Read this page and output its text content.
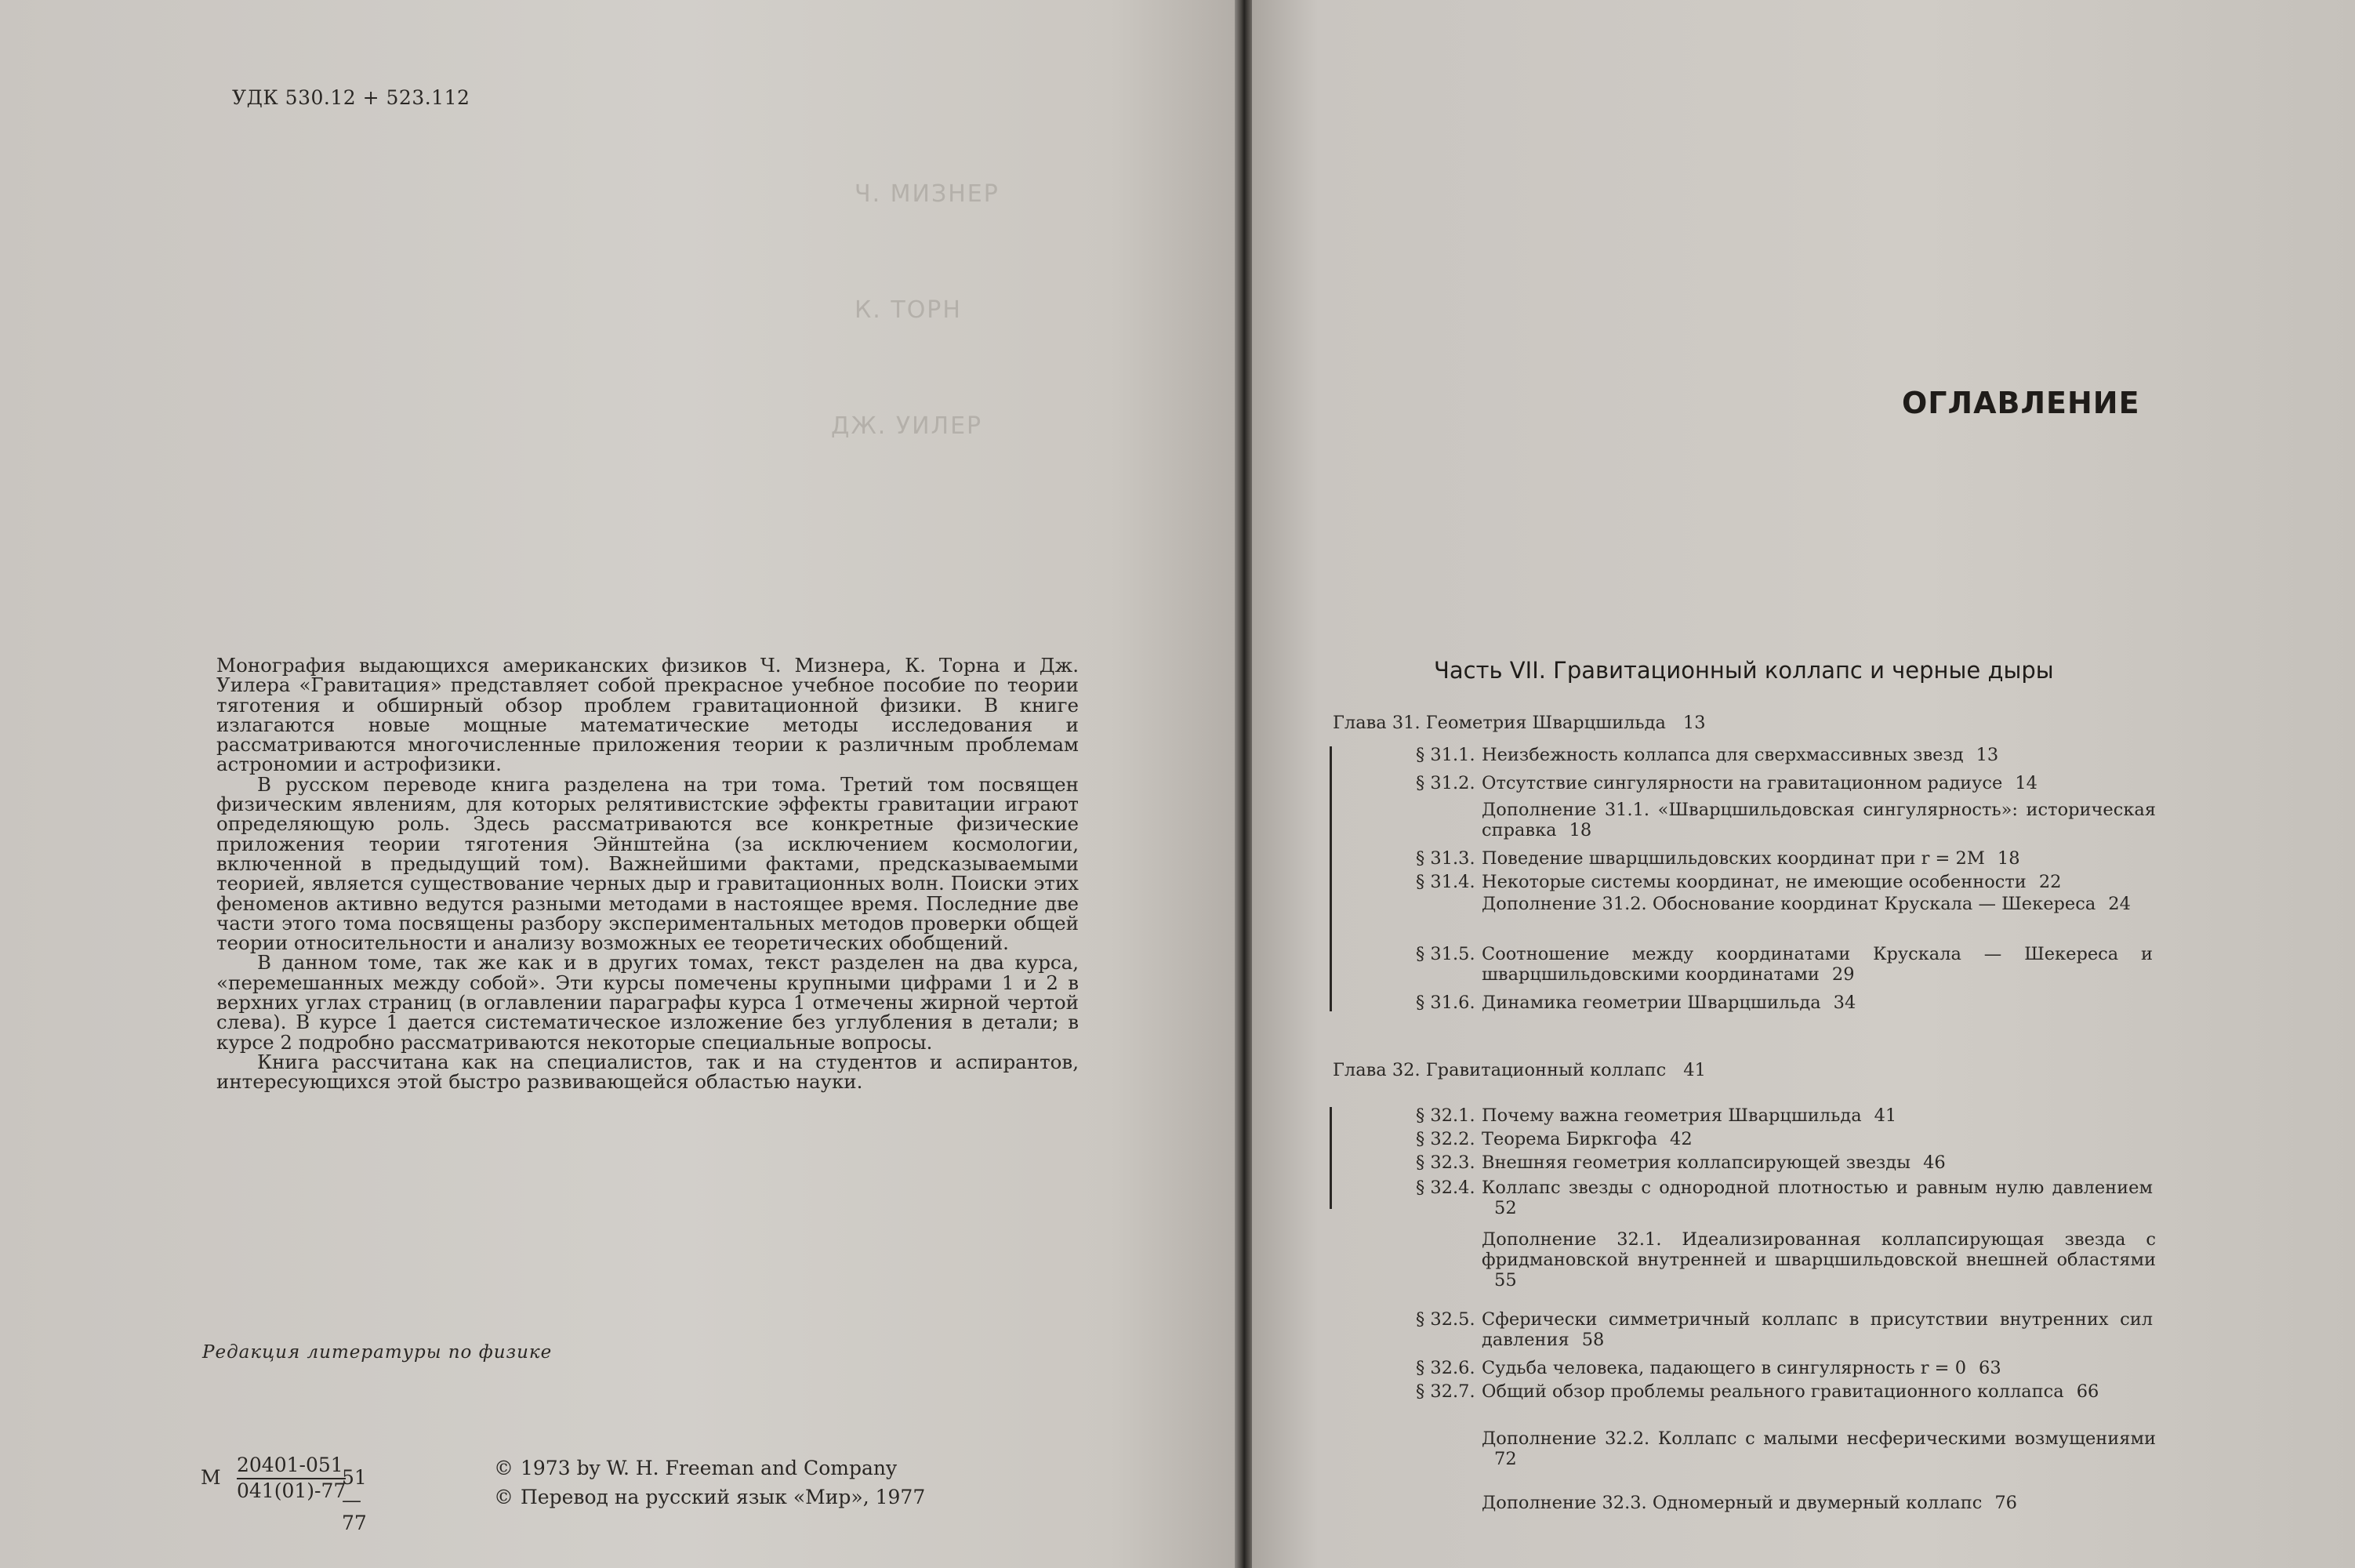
УДК 530.12 + 523.112
Ч. МИЗНЕР
К. ТОРН
ДЖ. УИЛЕР

Монография выдающихся американских физиков Ч. Мизнера, К. Торна и Дж. Уилера «Гравитация» представляет собой прекрасное учебное пособие по теории тяготения и обширный обзор проблем гравитационной физики. В книге излагаются новые мощные математические методы исследования и рассматриваются многочисленные приложения теории к различным проблемам астрономии и астрофизики.

В русском переводе книга разделена на три тома. Третий том посвящен физическим явлениям, для которых релятивистские эффекты гравитации играют определяющую роль. Здесь рассматриваются все конкретные физические приложения теории тяготения Эйнштейна (за исключением космологии, включенной в предыдущий том). Важнейшими фактами, предсказываемыми теорией, является существование черных дыр и гравитационных волн. Поиски этих феноменов активно ведутся разными методами в настоящее время. Последние две части этого тома посвящены разбору экспериментальных методов проверки общей теории относительности и анализу возможных ее теоретических обобщений.

В данном томе, так же как и в других томах, текст разделен на два курса, «перемешанных между собой». Эти курсы помечены крупными цифрами 1 и 2 в верхних углах страниц (в оглавлении параграфы курса 1 отмечены жирной чертой слева). В курсе 1 дается систематическое изложение без углубления в детали; в курсе 2 подробно рассматриваются некоторые специальные вопросы.

Книга рассчитана как на специалистов, так и на студентов и аспирантов, интересующихся этой быстро развивающейся областью науки.

Редакция литературы по физике
М $\frac{20401-051}{041(01)-77}$
51—77
© 1973 by W. H. Freeman and Company
© Перевод на русский язык «Мир», 1977
ОГЛАВЛЕНИЕ
Часть VII. Гравитационный коллапс и черные дыры
Глава 31. Геометрия Шварцшильда 13
§ 31.1. Неизбежность коллапса для сверхмассивных звезд 13
§ 31.2. Отсутствие сингулярности на гравитационном радиусе 14
Дополнение 31.1. «Шварцшильдовская сингулярность»: историческая справка 18
§ 31.3. Поведение шварцшильдовских координат при r = 2M 18
§ 31.4. Некоторые системы координат, не имеющие особенности 22
Дополнение 31.2. Обоснование координат Крускала — Шекереса 24
§ 31.5. Соотношение между координатами Крускала — Шекереса и шварцшильдовскими координатами 29
§ 31.6. Динамика геометрии Шварцшильда 34
Глава 32. Гравитационный коллапс 41
§ 32.1. Почему важна геометрия Шварцшильда 41
§ 32.2. Теорема Биркгофа 42
§ 32.3. Внешняя геометрия коллапсирующей звезды 46
§ 32.4. Коллапс звезды с однородной плотностью и равным нулю давлением52
Дополнение 32.1. Идеализированная коллапсирующая звезда с фридмановской внутренней и шварцшильдовской внешней областями55
§ 32.5. Сферически симметричный коллапс в присутствии внутренних сил давления 58
§ 32.6. Судьба человека, падающего в сингулярность r = 0 63
§ 32.7. Общий обзор проблемы реального гравитационного коллапса 66
Дополнение 32.2. Коллапс с малыми несферическими возмущениями72
Дополнение 32.3. Одномерный и двумерный коллапс 76
